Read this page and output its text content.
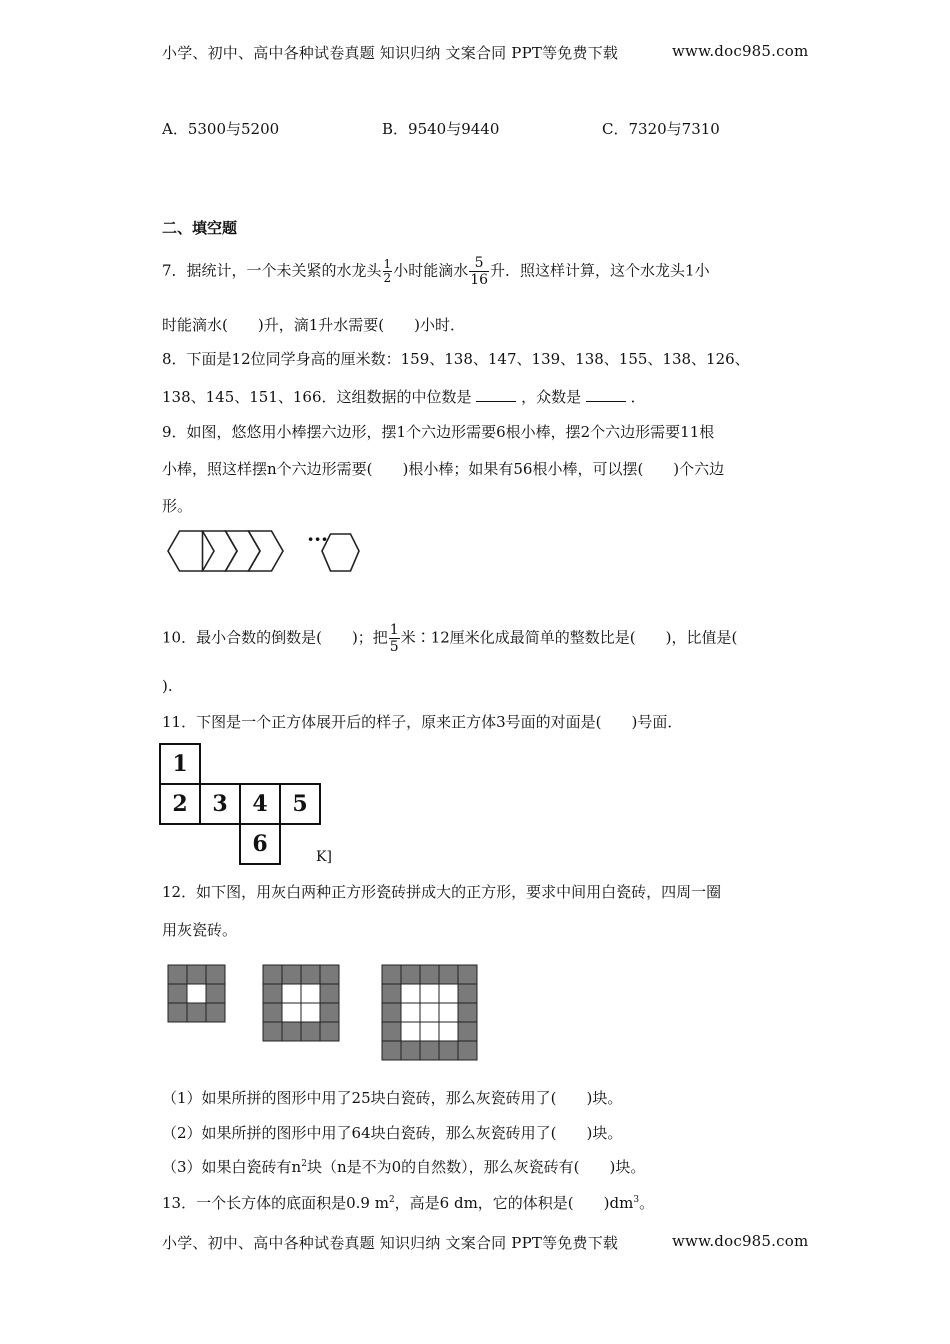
小学、初中、高中各种试卷真题 知识归纳 文案合同 PPT等免费下载	www.doc985.com
A．5300与5200	B．9540与9440	C．7320与7310
二、填空题
7．据统计，一个未关紧的水龙头 $\frac{1}{2}$ 小时能滴水 $\frac{5}{16}$ 升．照这样计算，这个水龙头1小
时能滴水(　　)升，滴1升水需要(　　)小时．
8．下面是12位同学身高的厘米数：159、138、147、139、138、155、138、126、
138、145、151、166．这组数据的中位数是	，众数是	．
9．如图，悠悠用小棒摆六边形，摆1个六边形需要6根小棒，摆2个六边形需要11根
小棒，照这样摆n个六边形需要(　　)根小棒；如果有56根小棒，可以摆(　　)个六边
形。
···
10．最小合数的倒数是(　　)；把 $\frac{1}{5}$ 米∶12厘米化成最简单的整数比是(　　)，比值是(
).
11．下图是一个正方体展开后的样子，原来正方体3号面的对面是(　　)号面．
1
2	3	4	5
6	K]
12．如下图，用灰白两种正方形瓷砖拼成大的正方形，要求中间用白瓷砖，四周一圈
用灰瓷砖。
（1）如果所拼的图形中用了25块白瓷砖，那么灰瓷砖用了(　　)块。
（2）如果所拼的图形中用了64块白瓷砖，那么灰瓷砖用了(　　)块。
（3）如果白瓷砖有$n^2$块（n是不为0的自然数），那么灰瓷砖有(　　)块。
13．一个长方体的底面积是0.9 $m^2$，高是6 dm，它的体积是(　　)$dm^3$。
小学、初中、高中各种试卷真题 知识归纳 文案合同 PPT等免费下载	www.doc985.com
